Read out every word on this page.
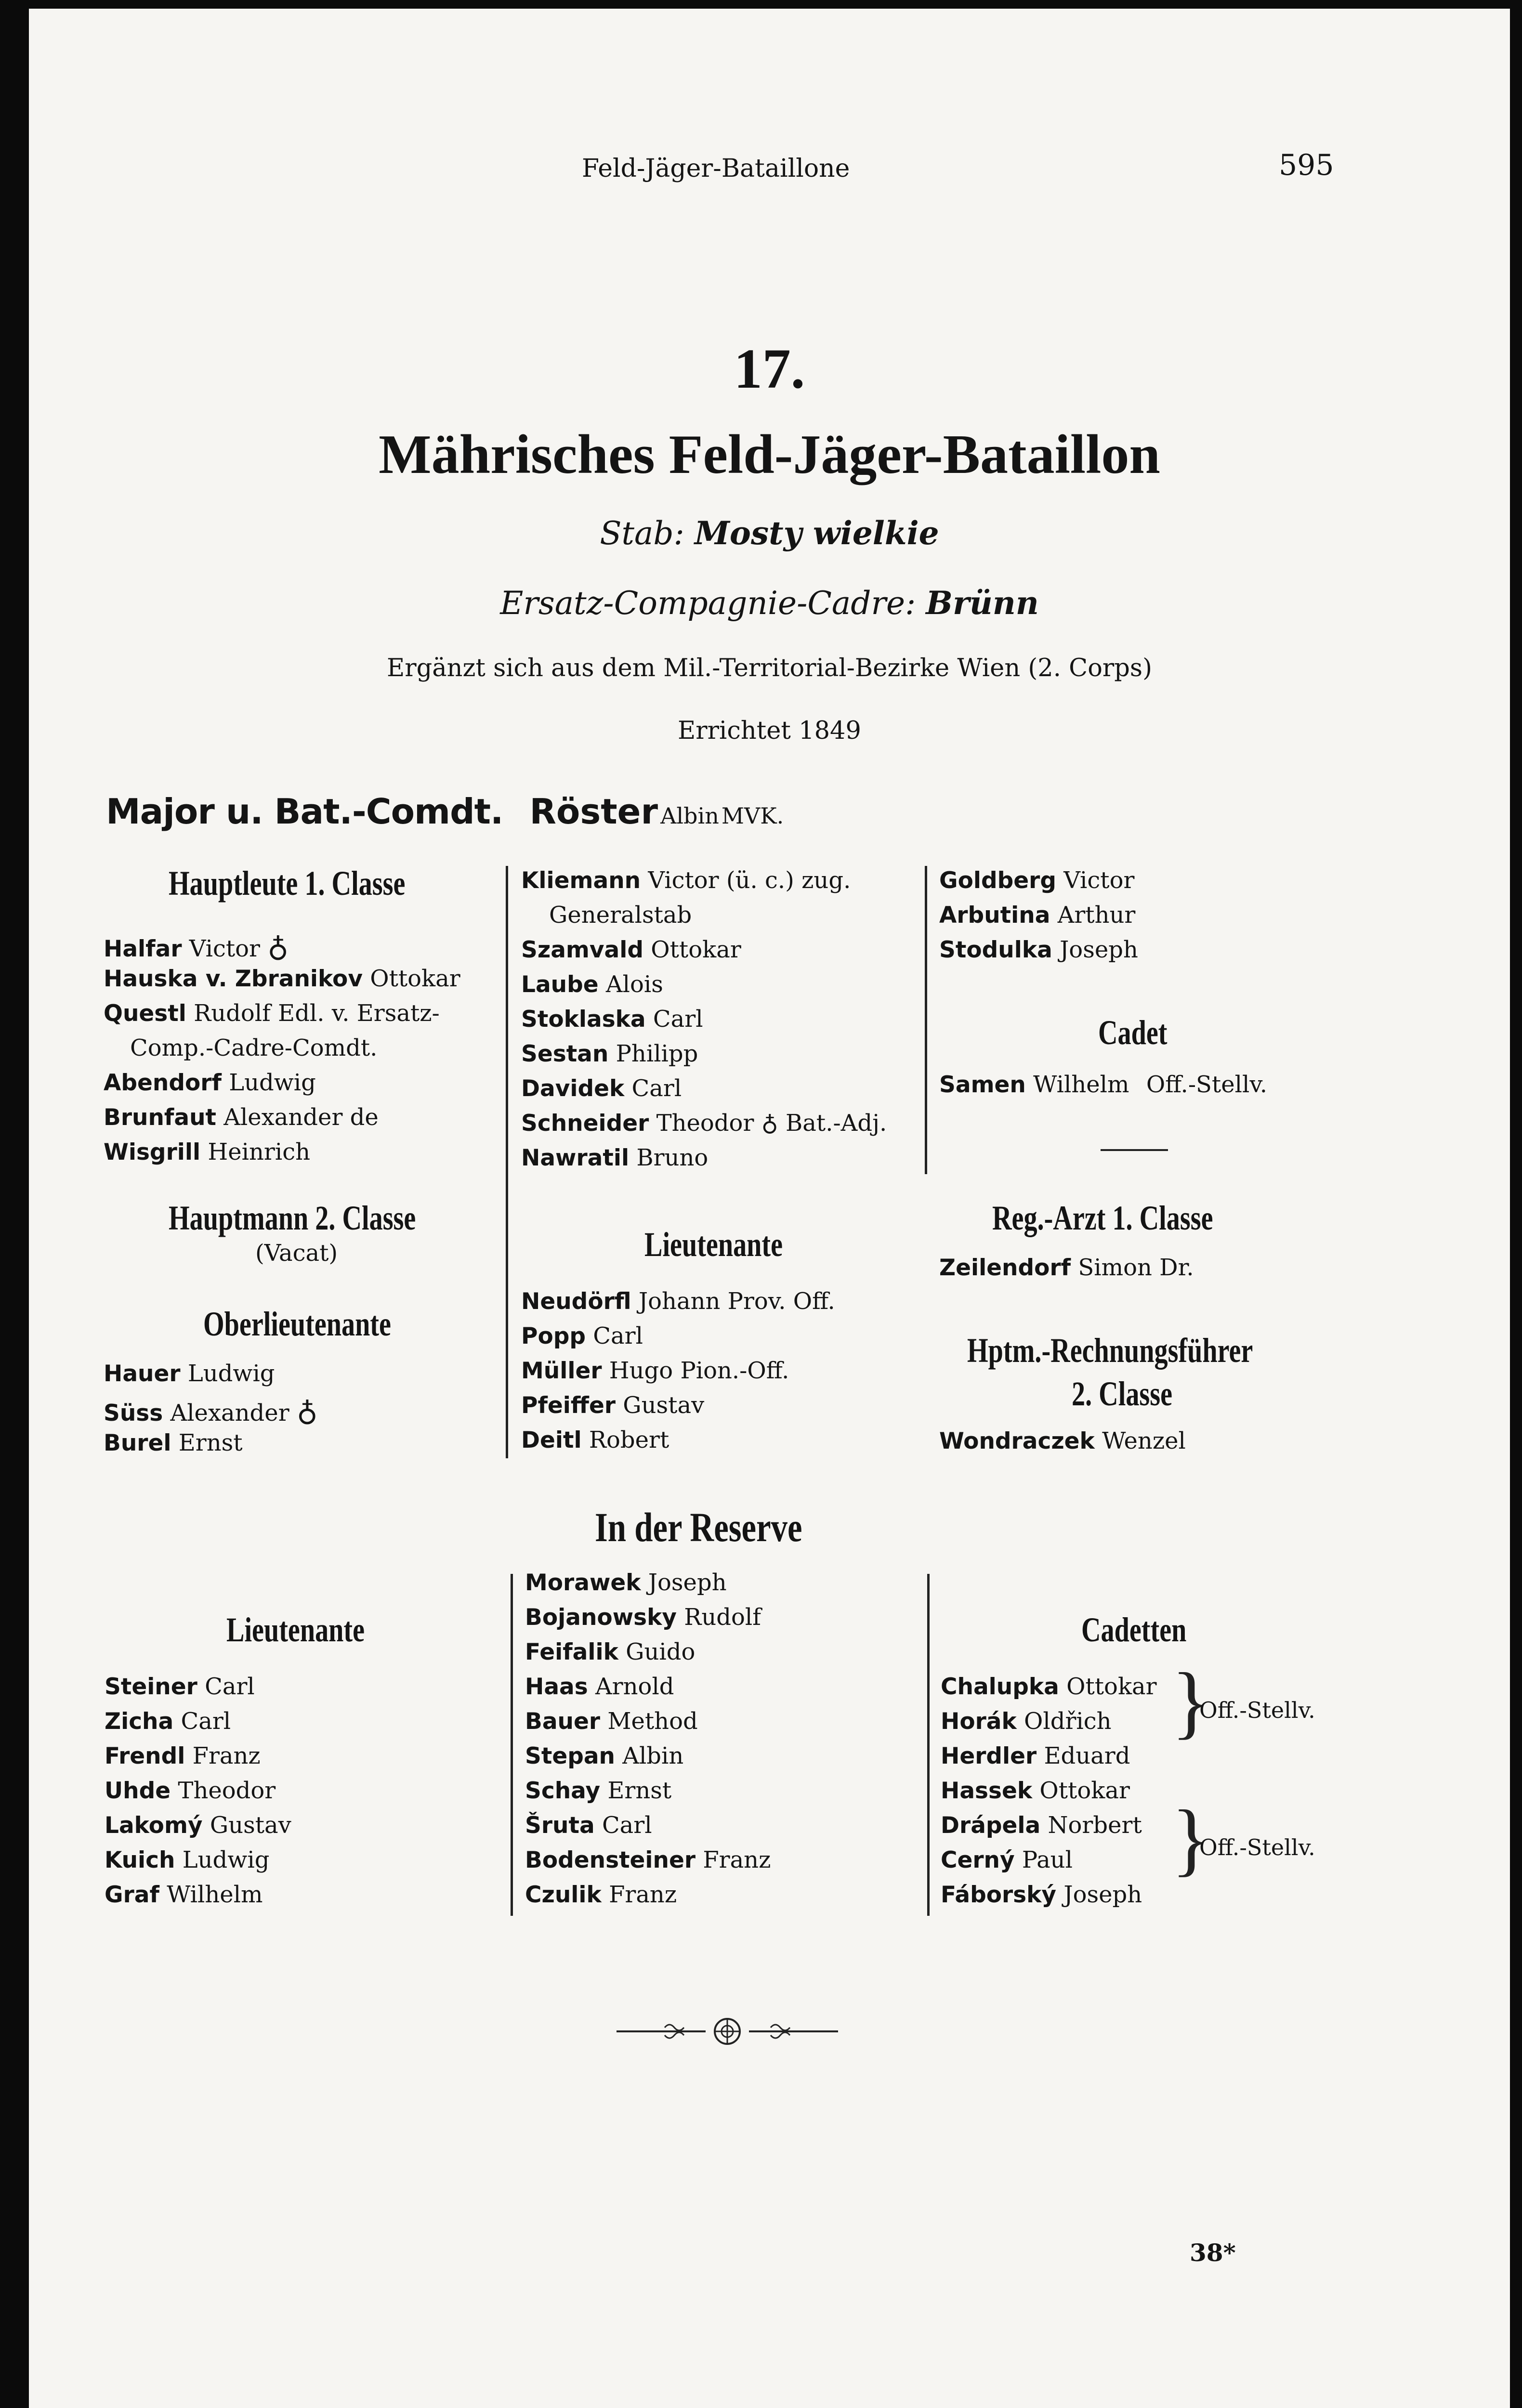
Feld-Jäger-Bataillone	595
17.
Mährisches Feld-Jäger-Bataillon
Stab: Mosty wielkie
Ersatz-Compagnie-Cadre: Brünn
Ergänzt sich aus dem Mil.-Territorial-Bezirke Wien (2. Corps)
Errichtet 1849
Major u. Bat.-Comdt. Röster Albin MVK.
Hauptleute 1. Classe
Halfar Victor ♁
Hauska v. Zbranikov Ottokar
Questl Rudolf Edl. v. Ersatz-
Comp.-Cadre-Comdt.
Abendorf Ludwig
Brunfaut Alexander de
Wisgrill Heinrich
Hauptmann 2. Classe
(Vacat)
Oberlieutenante
Hauer Ludwig
Süss Alexander ♁
Burel Ernst
Kliemann Victor (ü. c.) zug.
Generalstab
Szamvald Ottokar
Laube Alois
Stoklaska Carl
Sestan Philipp
Davidek Carl
Schneider Theodor ♁ Bat.-Adj.
Nawratil Bruno
Lieutenante
Neudörfl Johann Prov. Off.
Popp Carl
Müller Hugo Pion.-Off.
Pfeiffer Gustav
Deitl Robert
Goldberg Victor
Arbutina Arthur
Stodulka Joseph
Cadet
Samen Wilhelm Off.-Stellv.
Reg.-Arzt 1. Classe
Zeilendorf Simon Dr.
Hptm.-Rechnungsführer
2. Classe
Wondraczek Wenzel
In der Reserve
Lieutenante
Steiner Carl
Zicha Carl
Frendl Franz
Uhde Theodor
Lakomý Gustav
Kuich Ludwig
Graf Wilhelm
Morawek Joseph
Bojanowsky Rudolf
Feifalik Guido
Haas Arnold
Bauer Method
Stepan Albin
Schay Ernst
Šruta Carl
Bodensteiner Franz
Czulik Franz
Cadetten
Chalupka Ottokar
Horák Oldřich
Herdler Eduard
Hassek Ottokar
Drápela Norbert
Cerný Paul
Fáborský Joseph
}
Off.-Stellv.
}
Off.-Stellv.
38*
